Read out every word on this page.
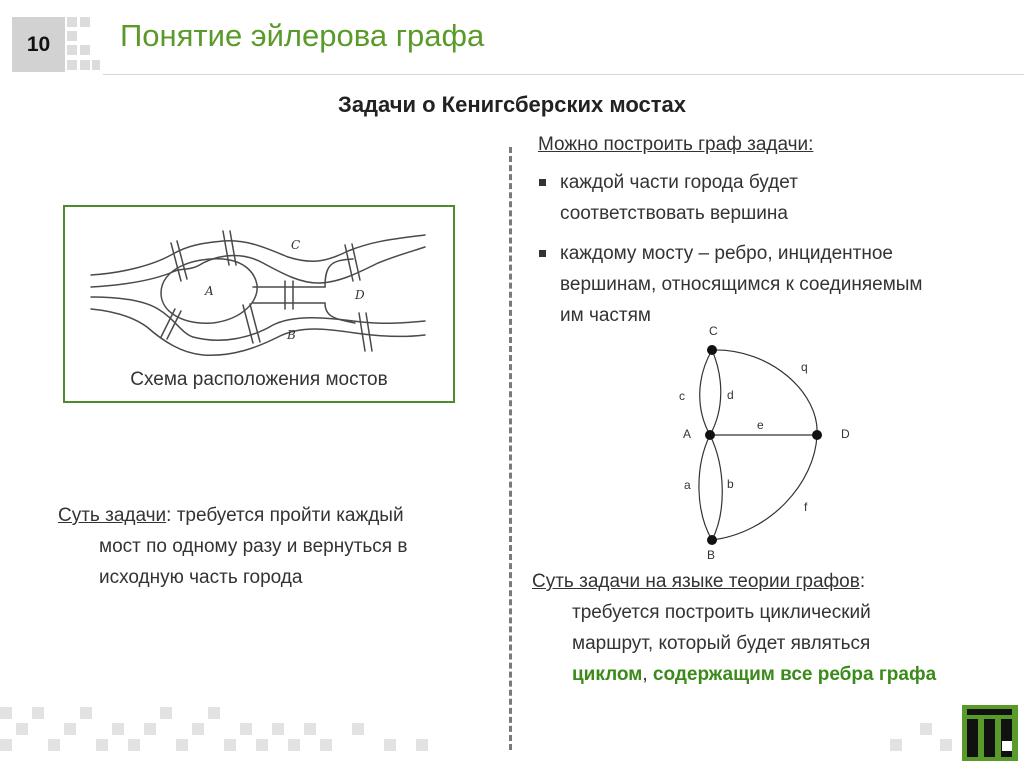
10 Понятие эйлерова графа
Задачи о Кенигсберских мостах
A
B
C
D
Схема расположения мостов
Суть задачи: требуется пройти каждый
мост по одному разу и вернуться в
исходную часть города
Можно построить граф задачи:
каждой части города будет
соответствовать вершина
каждому мосту – ребро, инцидентное
вершинам, относящимся к соединяемым
им частям
A
B
C
D
a	b
c	d
e
f
q
Суть задачи на языке теории графов:
требуется построить циклический
маршрут, который будет являться
циклом, содержащим все ребра графа
